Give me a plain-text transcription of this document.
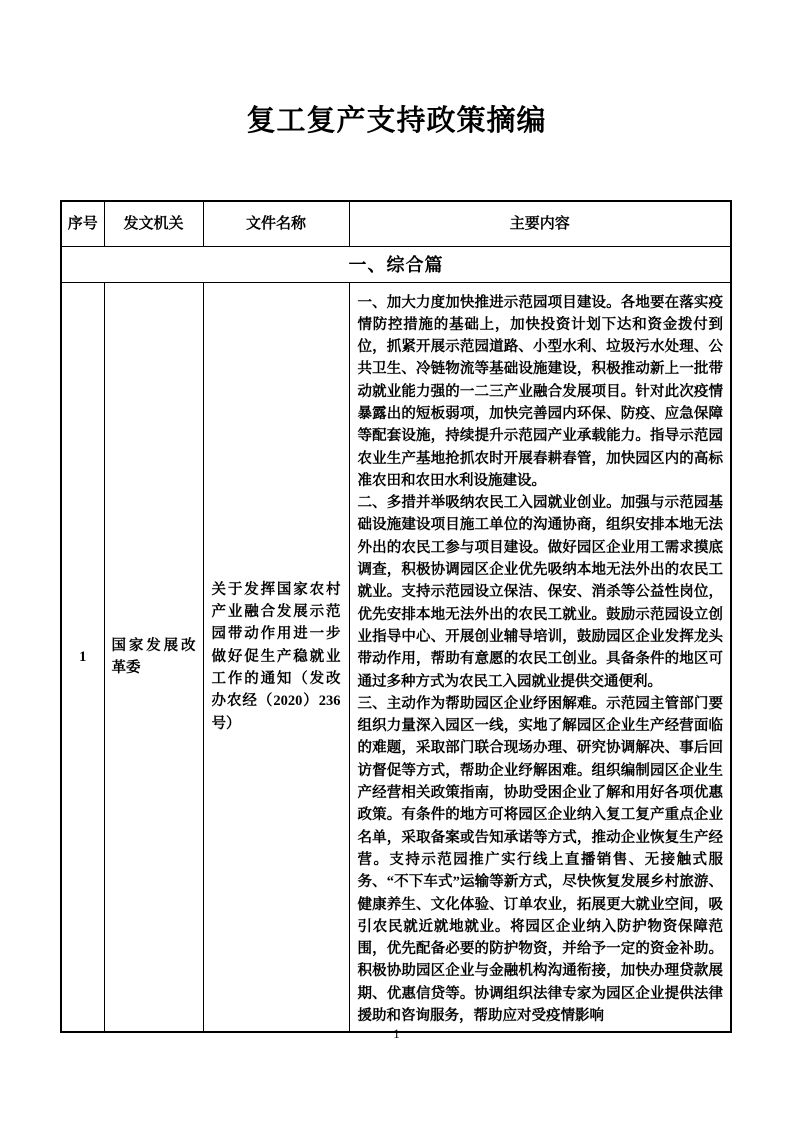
复工复产支持政策摘编
序号	发文机关	文件名称	主要内容
一、综合篇			
1	国家发展改革委	关于发挥国家农村产业融合发展示范园带动作用进一步做好促生产稳就业工作的通知（发改办农经（2020）236号）	一、加大力度加快推进示范园项目建设。各地要在落实疫情防控措施的基础上，加快投资计划下达和资金拨付到位，抓紧开展示范园道路、小型水利、垃圾污水处理、公共卫生、冷链物流等基础设施建设，积极推动新上一批带动就业能力强的一二三产业融合发展项目。针对此次疫情暴露出的短板弱项，加快完善园内环保、防疫、应急保障等配套设施，持续提升示范园产业承载能力。指导示范园农业生产基地抢抓农时开展春耕春管，加快园区内的高标准农田和农田水利设施建设。

二、多措并举吸纳农民工入园就业创业。加强与示范园基础设施建设项目施工单位的沟通协商，组织安排本地无法外出的农民工参与项目建设。做好园区企业用工需求摸底调查，积极协调园区企业优先吸纳本地无法外出的农民工就业。支持示范园设立保洁、保安、消杀等公益性岗位，优先安排本地无法外出的农民工就业。鼓励示范园设立创业指导中心、开展创业辅导培训，鼓励园区企业发挥龙头带动作用，帮助有意愿的农民工创业。具备条件的地区可通过多种方式为农民工入园就业提供交通便利。

三、主动作为帮助园区企业纾困解难。示范园主管部门要组织力量深入园区一线，实地了解园区企业生产经营面临的难题，采取部门联合现场办理、研究协调解决、事后回访督促等方式，帮助企业纾解困难。组织编制园区企业生产经营相关政策指南，协助受困企业了解和用好各项优惠政策。有条件的地方可将园区企业纳入复工复产重点企业名单，采取备案或告知承诺等方式，推动企业恢复生产经营。支持示范园推广实行线上直播销售、无接触式服务、“不下车式”运输等新方式，尽快恢复发展乡村旅游、健康养生、文化体验、订单农业，拓展更大就业空间，吸引农民就近就地就业。将园区企业纳入防护物资保障范围，优先配备必要的防护物资，并给予一定的资金补助。积极协助园区企业与金融机构沟通衔接，加快办理贷款展期、优惠信贷等。协调组织法律专家为园区企业提供法律援助和咨询服务，帮助应对受疫情影响

1
